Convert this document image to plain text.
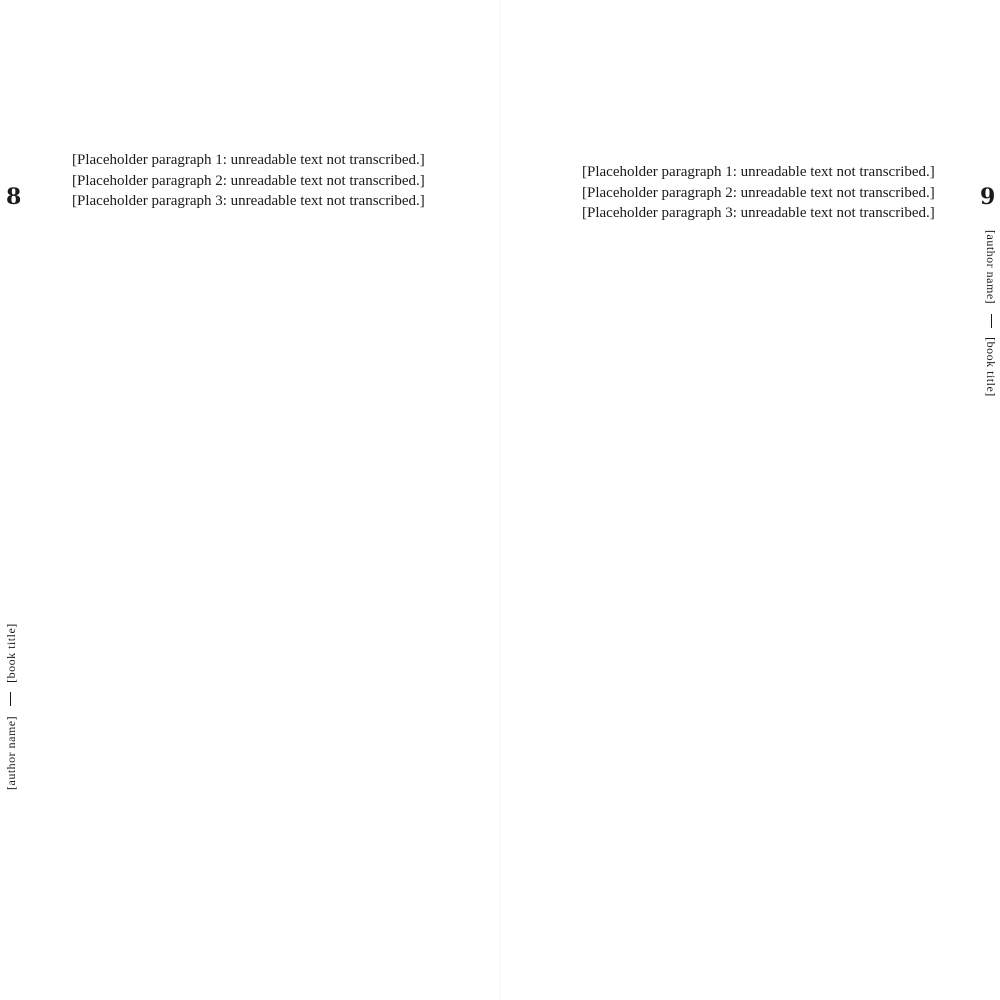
8
[author name]  [book title]

[Placeholder paragraph 1: unreadable text not transcribed.]

[Placeholder paragraph 2: unreadable text not transcribed.]

[Placeholder paragraph 3: unreadable text not transcribed.]	9
[author name]  [book title]

[Placeholder paragraph 1: unreadable text not transcribed.]

[Placeholder paragraph 2: unreadable text not transcribed.]

[Placeholder paragraph 3: unreadable text not transcribed.]
